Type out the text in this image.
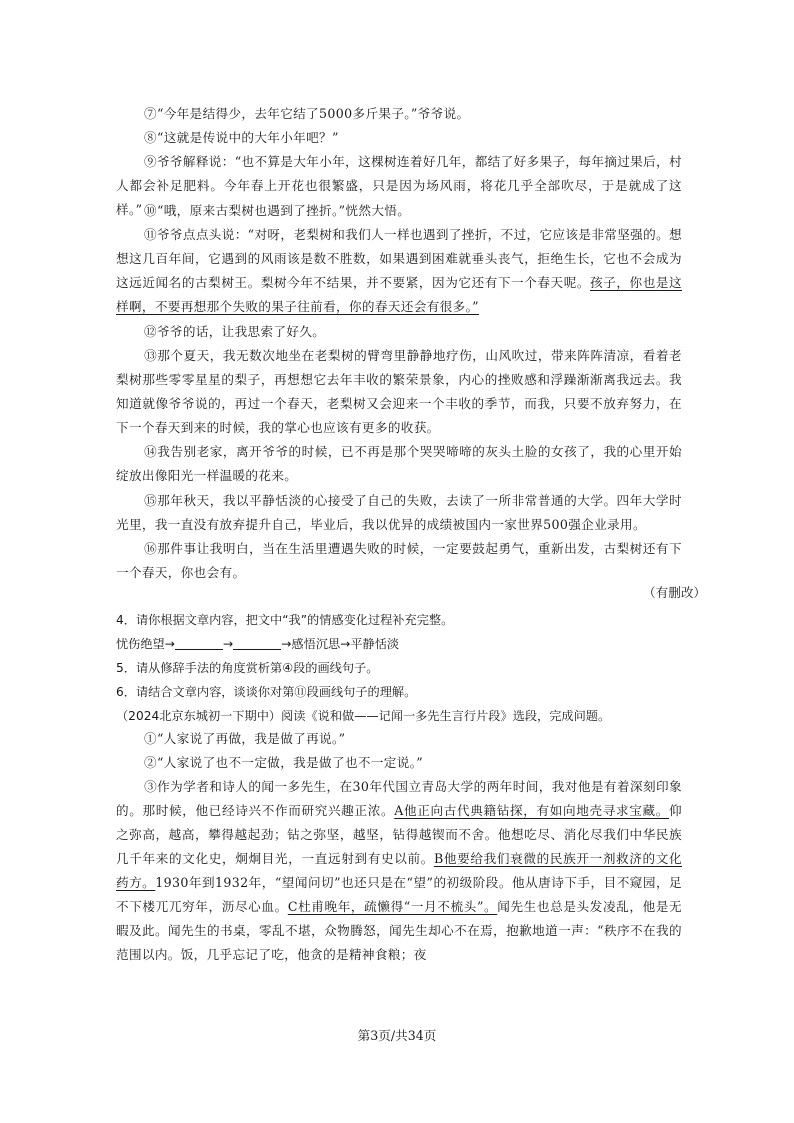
⑦“今年是结得少，去年它结了5000多斤果子。”爷爷说。

⑧“这就是传说中的大年小年吧？”

⑨爷爷解释说：“也不算是大年小年，这棵树连着好几年，都结了好多果子，每年摘过果后，村人都会补足肥料。今年春上开花也很繁盛，只是因为场风雨，将花几乎全部吹尽，于是就成了这样。” ⑩“哦，原来古梨树也遇到了挫折。”恍然大悟。

⑪爷爷点点头说：“对呀，老梨树和我们人一样也遇到了挫折，不过，它应该是非常坚强的。想想这几百年间，它遇到的风雨该是数不胜数，如果遇到困难就垂头丧气，拒绝生长，它也不会成为这远近闻名的古梨树王。梨树今年不结果，并不要紧，因为它还有下一个春天呢。孩子，你也是这样啊，不要再想那个失败的果子往前看，你的春天还会有很多。”

⑫爷爷的话，让我思索了好久。

⑬那个夏天，我无数次地坐在老梨树的臂弯里静静地疗伤，山风吹过，带来阵阵清凉，看着老梨树那些零零星星的梨子，再想想它去年丰收的繁荣景象，内心的挫败感和浮躁渐渐离我远去。我知道就像爷爷说的，再过一个春天，老梨树又会迎来一个丰收的季节，而我，只要不放弃努力，在下一个春天到来的时候，我的掌心也应该有更多的收获。

⑭我告别老家，离开爷爷的时候，已不再是那个哭哭啼啼的灰头土脸的女孩了，我的心里开始绽放出像阳光一样温暖的花来。

⑮那年秋天，我以平静恬淡的心接受了自己的失败，去读了一所非常普通的大学。四年大学时光里，我一直没有放弃提升自己，毕业后，我以优异的成绩被国内一家世界500强企业录用。

⑯那件事让我明白，当在生活里遭遇失败的时候，一定要鼓起勇气，重新出发，古梨树还有下一个春天，你也会有。

（有删改）

4．请你根据文章内容，把文中“我”的情感变化过程补充完整。

忧伤绝望→	→	→感悟沉思→平静恬淡

5．请从修辞手法的角度赏析第④段的画线句子。

6．请结合文章内容，谈谈你对第⑪段画线句子的理解。

（2024北京东城初一下期中）阅读《说和做——记闻一多先生言行片段》选段，完成问题。

①“人家说了再做，我是做了再说。”

②“人家说了也不一定做，我是做了也不一定说。”

③作为学者和诗人的闻一多先生，在30年代国立青岛大学的两年时间，我对他是有着深刻印象的。那时候，他已经诗兴不作而研究兴趣正浓。A他正向古代典籍钻探，有如向地壳寻求宝藏。仰之弥高，越高，攀得越起劲；钻之弥坚，越坚，钻得越锲而不舍。他想吃尽、消化尽我们中华民族几千年来的文化史，炯炯目光，一直远射到有史以前。B他要给我们衰微的民族开一剂救济的文化药方。1930年到1932年，“望闻问切”也还只是在“望”的初级阶段。他从唐诗下手，目不窥园，足不下楼兀兀穷年，沥尽心血。C杜甫晚年，疏懒得“一月不梳头”。闻先生也总是头发凌乱，他是无暇及此。闻先生的书桌，零乱不堪，众物腾怒，闻先生却心不在焉，抱歉地道一声：“秩序不在我的范围以内。饭，几乎忘记了吃，他贪的是精神食粮；夜

第3页/共34页
